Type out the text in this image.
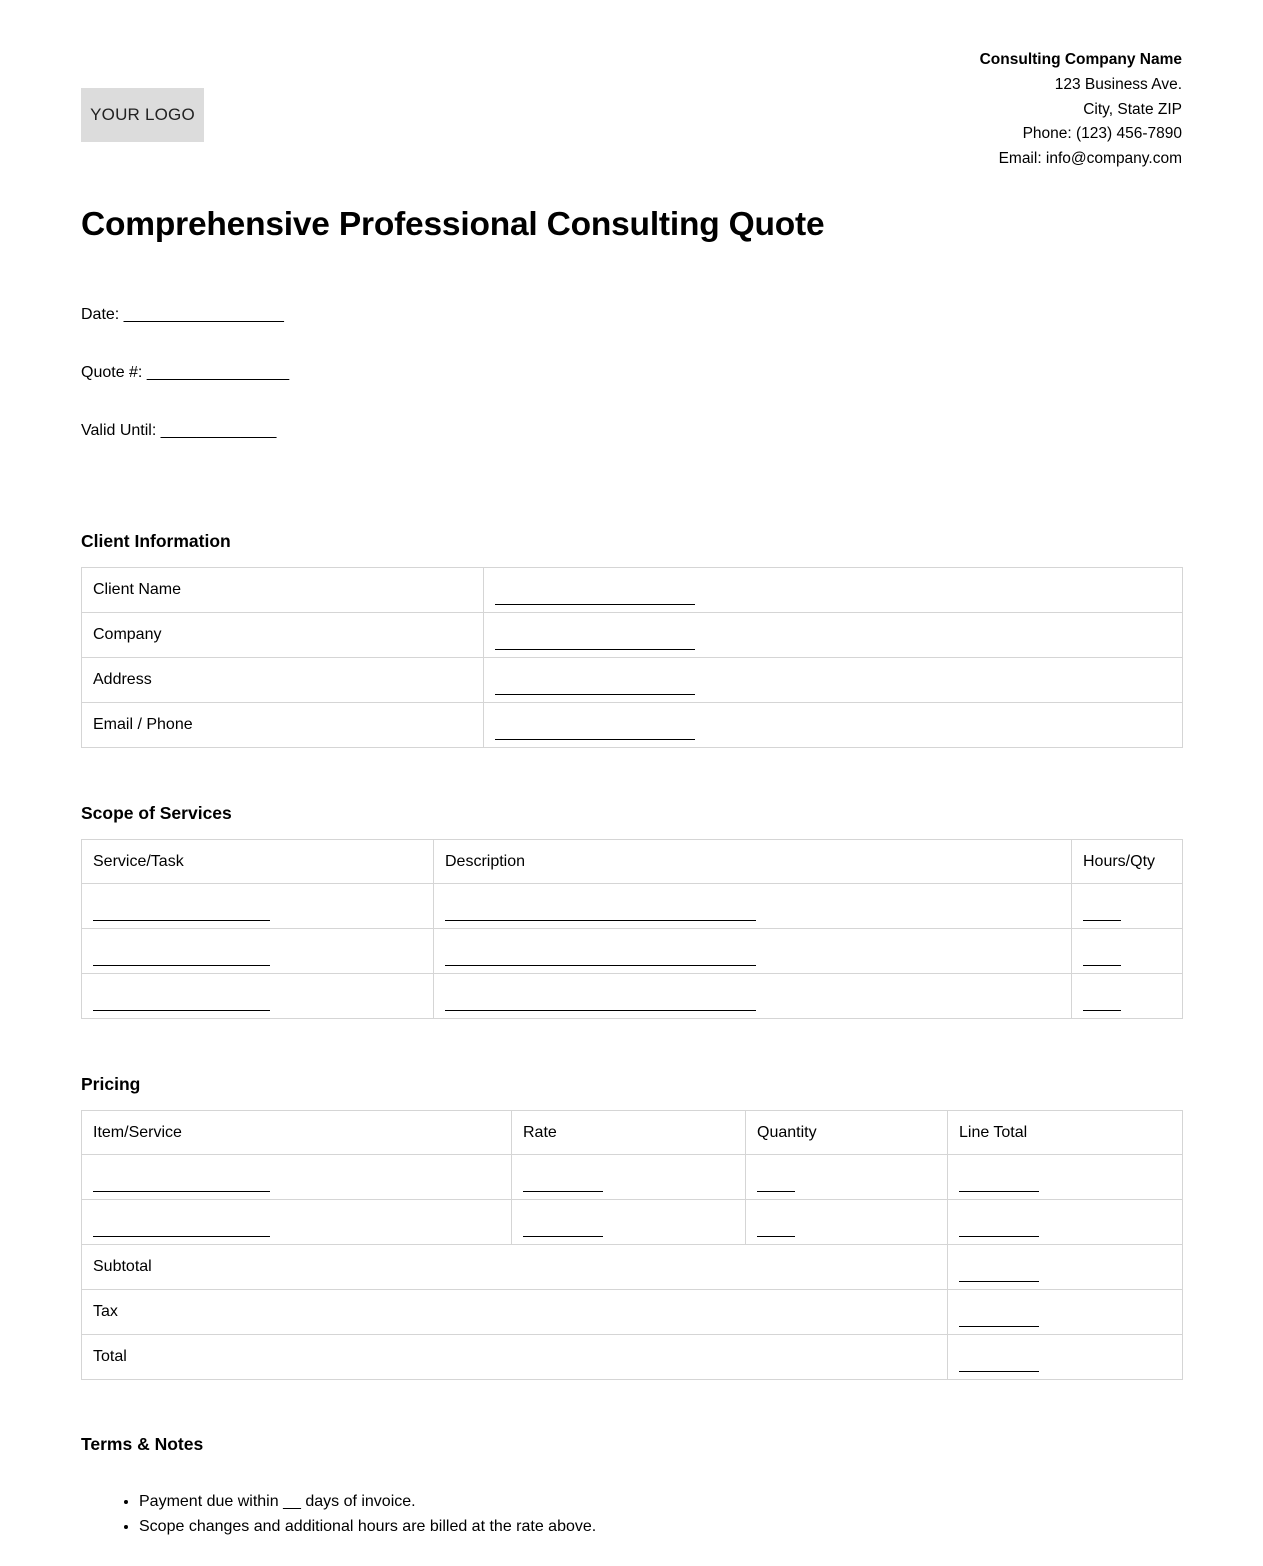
YOUR LOGO
Consulting Company Name
123 Business Ave.
City, State ZIP
Phone: (123) 456-7890
Email: info@company.com
Comprehensive Professional Consulting Quote

Date: __________________

Quote #: ________________

Valid Until: _____________

Client Information
Client Name	
Company	
Address	
Email / Phone	
Scope of Services
Service/Task	Description	Hours/Qty

Pricing
Item/Service	Rate	Quantity	Line Total

Subtotal			
Tax			
Total			
Terms & Notes
• Payment due within __ days of invoice.
• Scope changes and additional hours are billed at the rate above.
